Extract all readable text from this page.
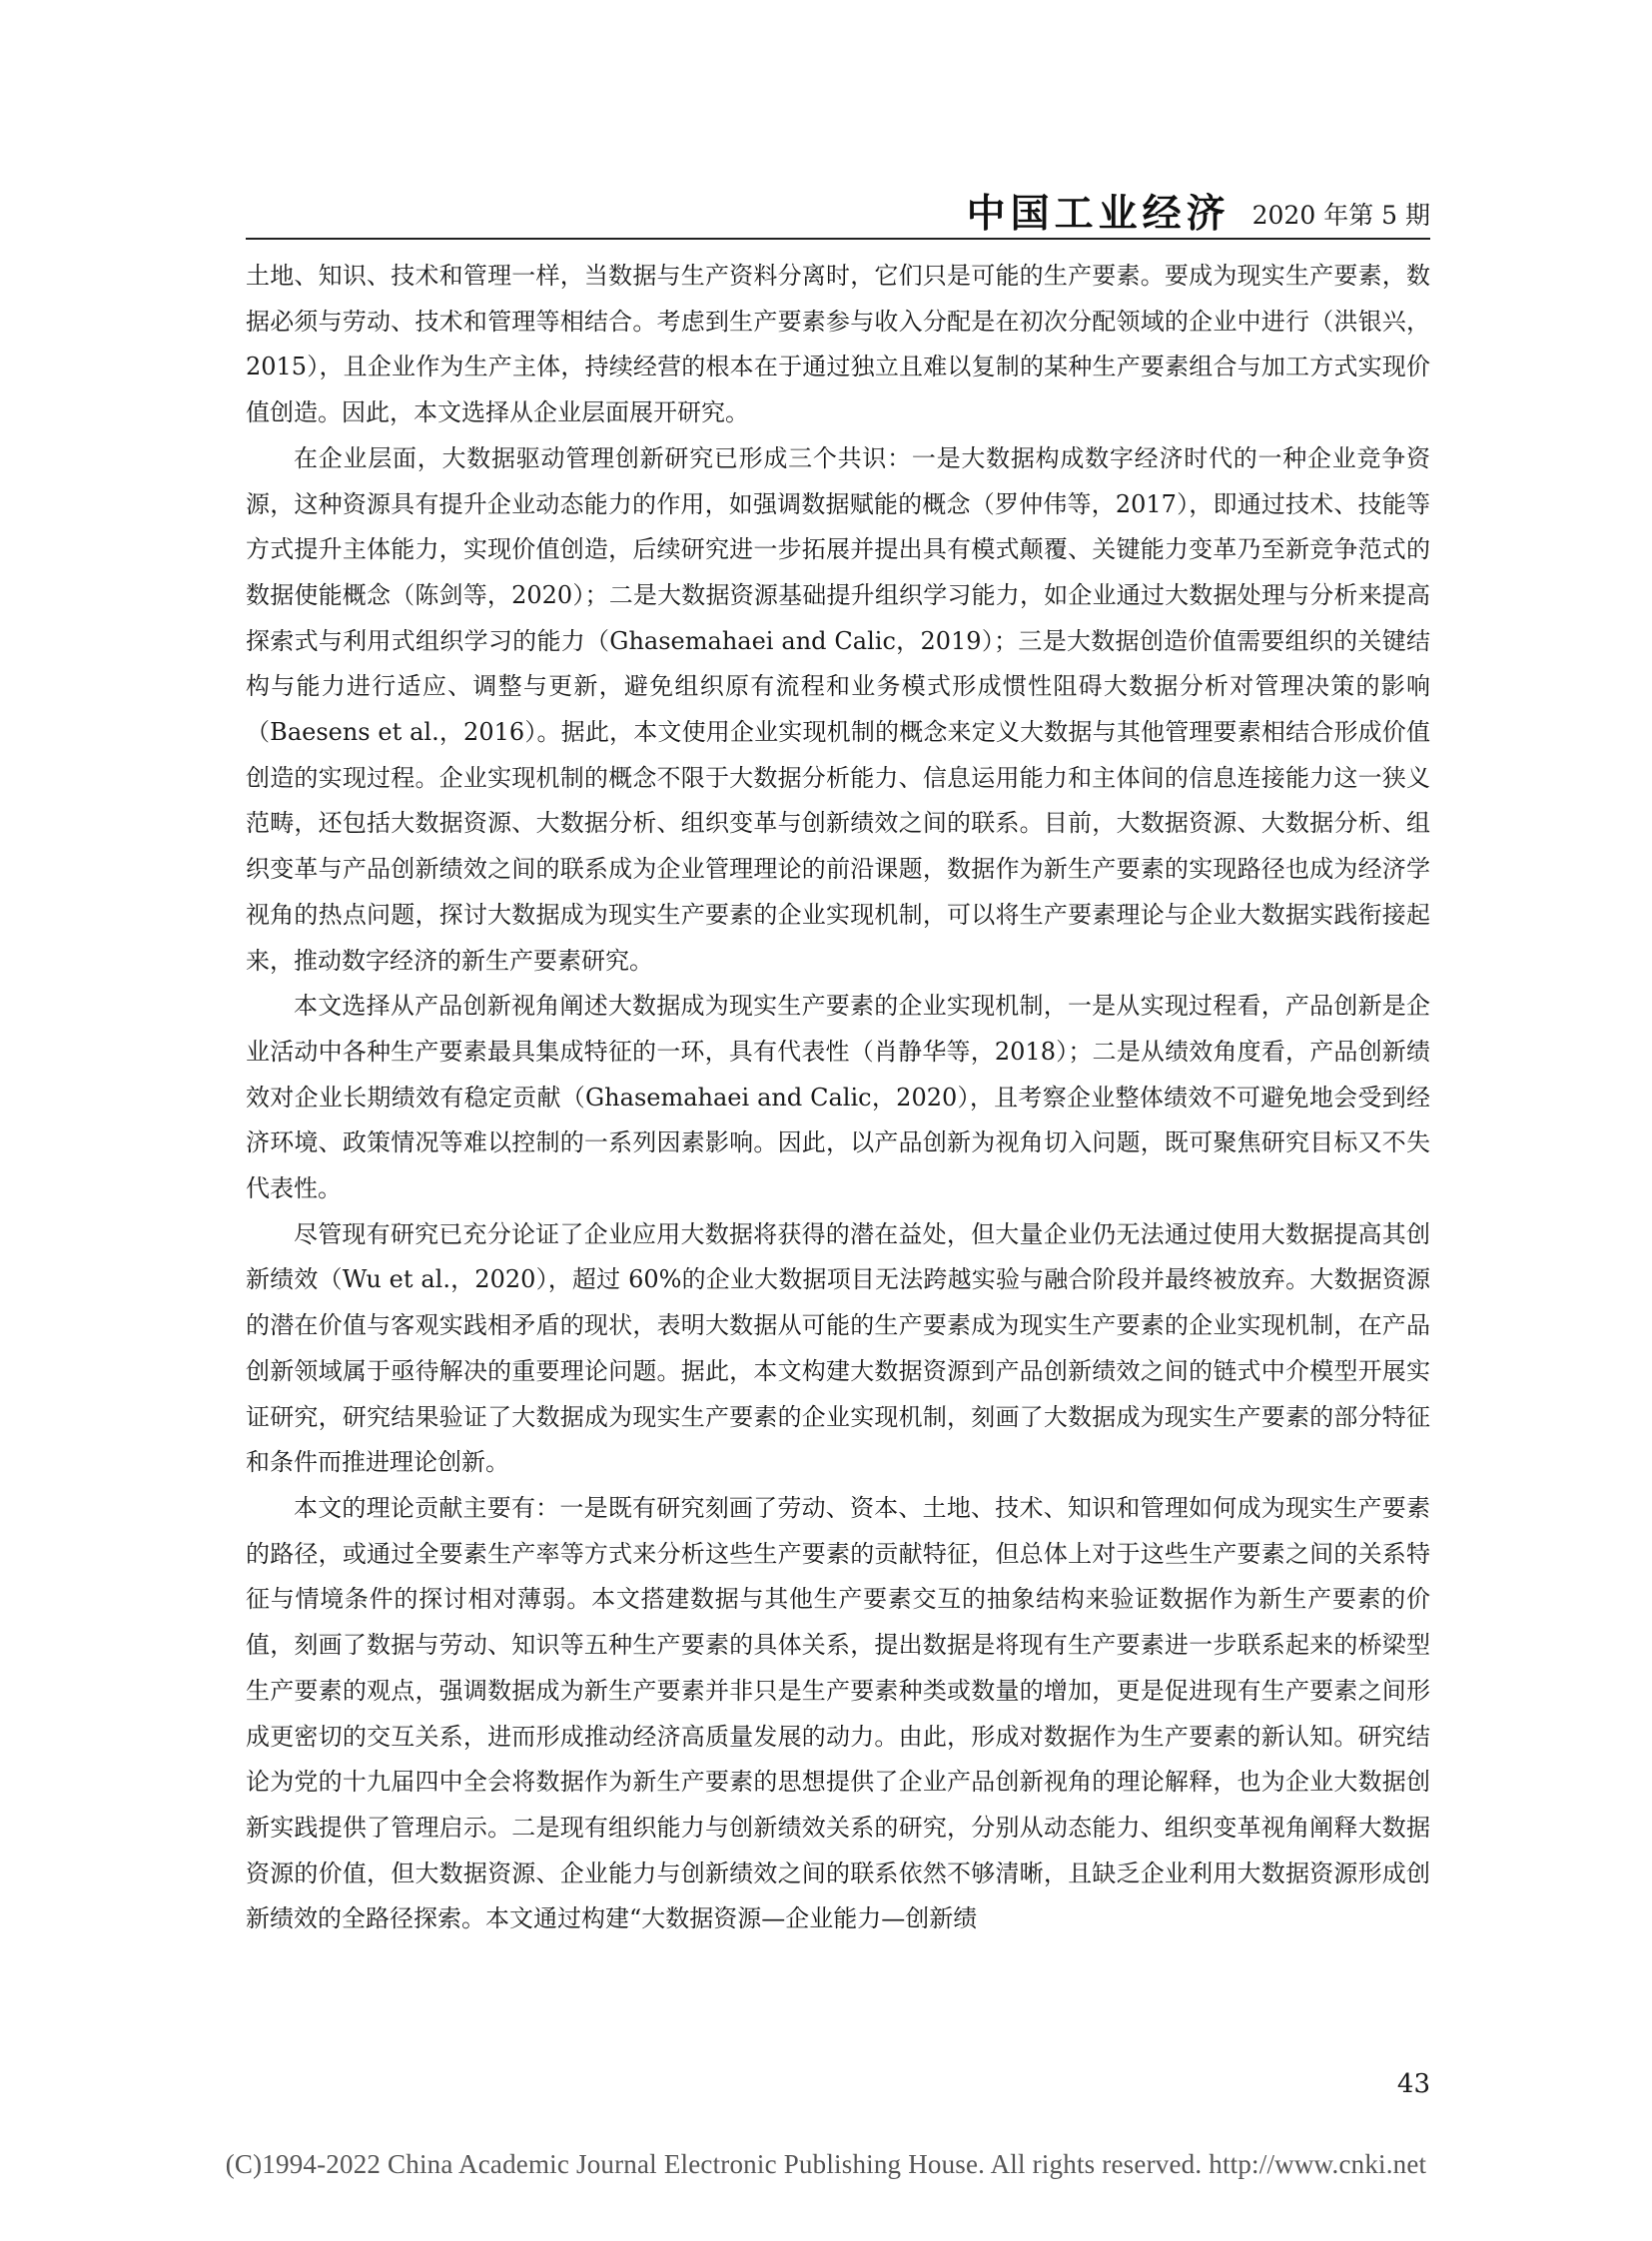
中国工业经济 2020 年第 5 期

土地、知识、技术和管理一样，当数据与生产资料分离时，它们只是可能的生产要素。要成为现实生产要素，数据必须与劳动、技术和管理等相结合。考虑到生产要素参与收入分配是在初次分配领域的企业中进行（洪银兴，2015），且企业作为生产主体，持续经营的根本在于通过独立且难以复制的某种生产要素组合与加工方式实现价值创造。因此，本文选择从企业层面展开研究。

在企业层面，大数据驱动管理创新研究已形成三个共识：一是大数据构成数字经济时代的一种企业竞争资源，这种资源具有提升企业动态能力的作用，如强调数据赋能的概念（罗仲伟等，2017），即通过技术、技能等方式提升主体能力，实现价值创造，后续研究进一步拓展并提出具有模式颠覆、关键能力变革乃至新竞争范式的数据使能概念（陈剑等，2020）；二是大数据资源基础提升组织学习能力，如企业通过大数据处理与分析来提高探索式与利用式组织学习的能力（Ghasemahaei and Calic，2019）；三是大数据创造价值需要组织的关键结构与能力进行适应、调整与更新，避免组织原有流程和业务模式形成惯性阻碍大数据分析对管理决策的影响（Baesens et al.，2016）。据此，本文使用企业实现机制的概念来定义大数据与其他管理要素相结合形成价值创造的实现过程。企业实现机制的概念不限于大数据分析能力、信息运用能力和主体间的信息连接能力这一狭义范畴，还包括大数据资源、大数据分析、组织变革与创新绩效之间的联系。目前，大数据资源、大数据分析、组织变革与产品创新绩效之间的联系成为企业管理理论的前沿课题，数据作为新生产要素的实现路径也成为经济学视角的热点问题，探讨大数据成为现实生产要素的企业实现机制，可以将生产要素理论与企业大数据实践衔接起来，推动数字经济的新生产要素研究。

本文选择从产品创新视角阐述大数据成为现实生产要素的企业实现机制，一是从实现过程看，产品创新是企业活动中各种生产要素最具集成特征的一环，具有代表性（肖静华等，2018）；二是从绩效角度看，产品创新绩效对企业长期绩效有稳定贡献（Ghasemahaei and Calic，2020），且考察企业整体绩效不可避免地会受到经济环境、政策情况等难以控制的一系列因素影响。因此，以产品创新为视角切入问题，既可聚焦研究目标又不失代表性。

尽管现有研究已充分论证了企业应用大数据将获得的潜在益处，但大量企业仍无法通过使用大数据提高其创新绩效（Wu et al.，2020），超过 60%的企业大数据项目无法跨越实验与融合阶段并最终被放弃。大数据资源的潜在价值与客观实践相矛盾的现状，表明大数据从可能的生产要素成为现实生产要素的企业实现机制，在产品创新领域属于亟待解决的重要理论问题。据此，本文构建大数据资源到产品创新绩效之间的链式中介模型开展实证研究，研究结果验证了大数据成为现实生产要素的企业实现机制，刻画了大数据成为现实生产要素的部分特征和条件而推进理论创新。

本文的理论贡献主要有：一是既有研究刻画了劳动、资本、土地、技术、知识和管理如何成为现实生产要素的路径，或通过全要素生产率等方式来分析这些生产要素的贡献特征，但总体上对于这些生产要素之间的关系特征与情境条件的探讨相对薄弱。本文搭建数据与其他生产要素交互的抽象结构来验证数据作为新生产要素的价值，刻画了数据与劳动、知识等五种生产要素的具体关系，提出数据是将现有生产要素进一步联系起来的桥梁型生产要素的观点，强调数据成为新生产要素并非只是生产要素种类或数量的增加，更是促进现有生产要素之间形成更密切的交互关系，进而形成推动经济高质量发展的动力。由此，形成对数据作为生产要素的新认知。研究结论为党的十九届四中全会将数据作为新生产要素的思想提供了企业产品创新视角的理论解释，也为企业大数据创新实践提供了管理启示。二是现有组织能力与创新绩效关系的研究，分别从动态能力、组织变革视角阐释大数据资源的价值，但大数据资源、企业能力与创新绩效之间的联系依然不够清晰，且缺乏企业利用大数据资源形成创新绩效的全路径探索。本文通过构建“大数据资源—企业能力—创新绩

43
(C)1994-2022 China Academic Journal Electronic Publishing House. All rights reserved. http://www.cnki.net
